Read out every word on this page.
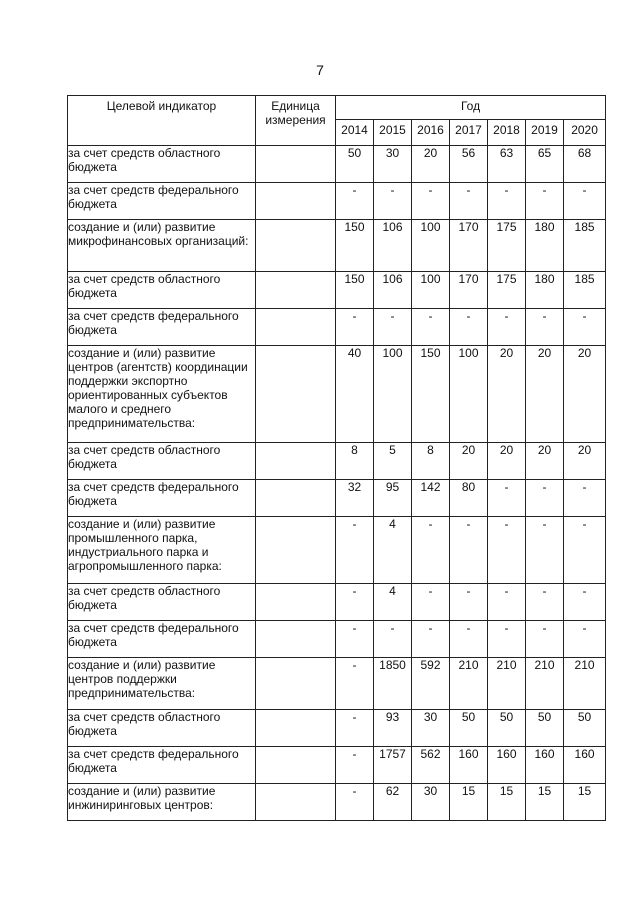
7
Целевой индикатор	Единица измерения	Год						
		2014	2015	2016	2017	2018	2019	2020
за счет средств областного бюджета		50	30	20	56	63	65	68
за счет средств федерального бюджета		-	-	-	-	-	-	-
создание и (или) развитие микрофинансовых организаций:		150	106	100	170	175	180	185
за счет средств областного бюджета		150	106	100	170	175	180	185
за счет средств федерального бюджета		-	-	-	-	-	-	-
создание и (или) развитие центров (агентств) координации поддержки экспортно ориентированных субъектов малого и среднего предпринимательства:		40	100	150	100	20	20	20
за счет средств областного бюджета		8	5	8	20	20	20	20
за счет средств федерального бюджета		32	95	142	80	-	-	-
создание и (или) развитие промышленного парка, индустриального парка и агропромышленного парка:		-	4	-	-	-	-	-
за счет средств областного бюджета		-	4	-	-	-	-	-
за счет средств федерального бюджета		-	-	-	-	-	-	-
создание и (или) развитие центров поддержки предпринимательства:		-	1850	592	210	210	210	210
за счет средств областного бюджета		-	93	30	50	50	50	50
за счет средств федерального бюджета		-	1757	562	160	160	160	160
создание и (или) развитие инжиниринговых центров:		-	62	30	15	15	15	15
